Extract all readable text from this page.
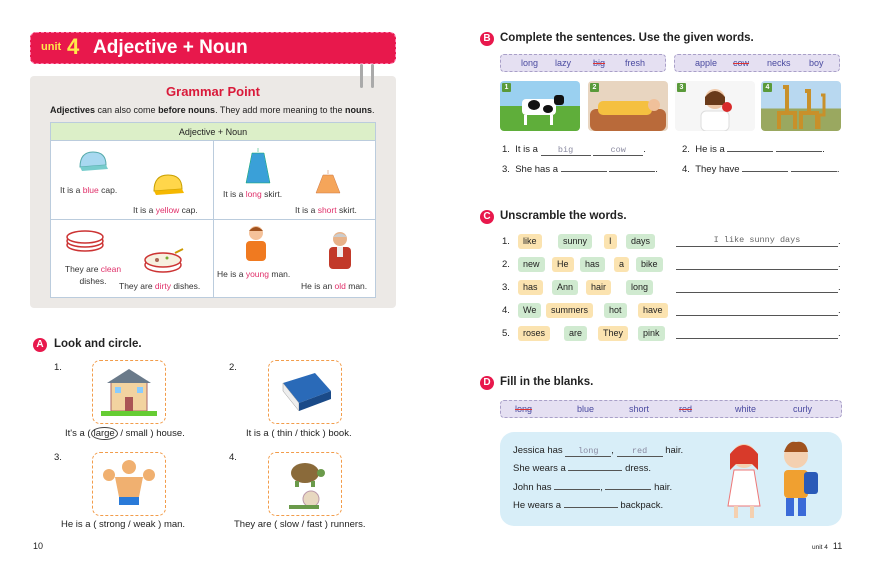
unit 4 Adjective + Noun
Grammar Point
Adjectives can also come before nouns. They add more meaning to the nouns.
Adjective + Noun
It is a blue cap.
It is a yellow cap.
It is a long skirt.
It is a short skirt.
They are clean
dishes.	They are dirty dishes.
He is a young man.
He is an old man.
A Look and circle.
1.
It's a ( large / small ) house.
2.
It is a ( thin / thick ) book.
3.
He is a ( strong / weak ) man.
4.
They are ( slow / fast ) runners.
10
B Complete the sentences. Use the given words.
long lazy big fresh	apple cow necks boy
1	2	3	4
1. It is a big	cow .	2. He is a	.
3. She has a	.	4. They have	.
C Unscramble the words.
1.	like	sunny	I	days	I like sunny days	.
2.	new	He	has	a	bike	.
3.	has	Ann	hair	long	.
4.	We	summers	hot	have	.
5.	roses	are	They	pink	.
D Fill in the blanks.
long	blue	short	red	white	curly
Jessica has long , red hair.
She wears a	dress.
John has	,	hair.
He wears a	backpack.
unit 4 11
